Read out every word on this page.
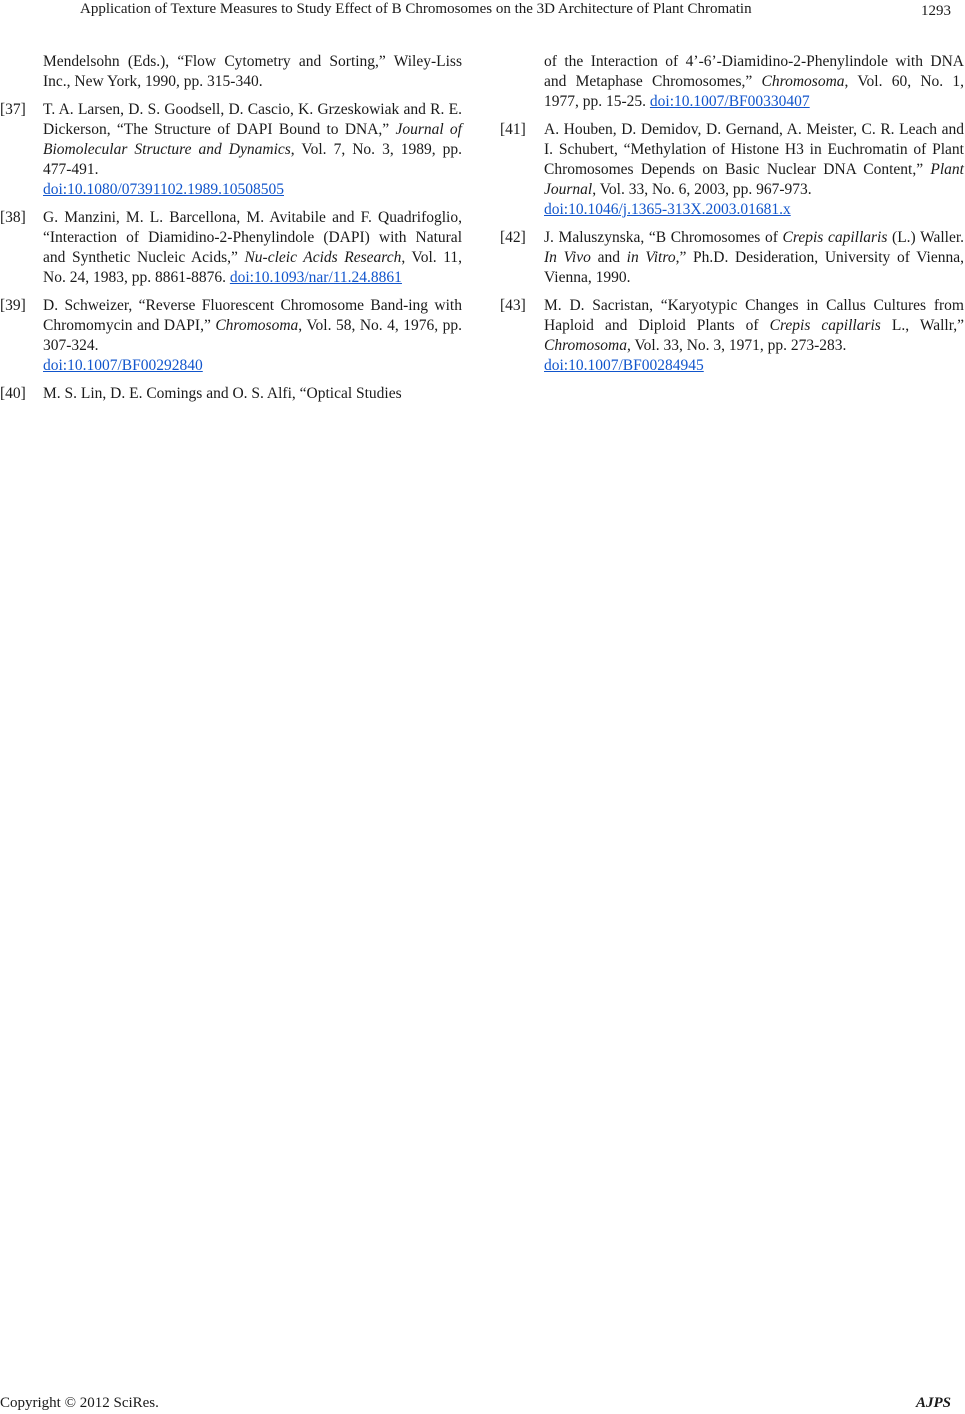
Application of Texture Measures to Study Effect of B Chromosomes on the 3D Architecture of Plant Chromatin	1293
Mendelsohn (Eds.), “Flow Cytometry and Sorting,” Wiley-Liss Inc., New York, 1990, pp. 315-340.
[37] T. A. Larsen, D. S. Goodsell, D. Cascio, K. Grzeskowiak and R. E. Dickerson, “The Structure of DAPI Bound to DNA,” Journal of Biomolecular Structure and Dynamics, Vol. 7, No. 3, 1989, pp. 477-491.
doi:10.1080/07391102.1989.10508505
[38] G. Manzini, M. L. Barcellona, M. Avitabile and F. Quadrifoglio, “Interaction of Diamidino-2-Phenylindole (DAPI) with Natural and Synthetic Nucleic Acids,” Nu-cleic Acids Research, Vol. 11, No. 24, 1983, pp. 8861-8876. doi:10.1093/nar/11.24.8861
[39] D. Schweizer, “Reverse Fluorescent Chromosome Band-ing with Chromomycin and DAPI,” Chromosoma, Vol. 58, No. 4, 1976, pp. 307-324.
doi:10.1007/BF00292840
[40] M. S. Lin, D. E. Comings and O. S. Alfi, “Optical Studies
of the Interaction of 4’-6’-Diamidino-2-Phenylindole with DNA and Metaphase Chromosomes,” Chromosoma, Vol. 60, No. 1, 1977, pp. 15-25. doi:10.1007/BF00330407
[41] A. Houben, D. Demidov, D. Gernand, A. Meister, C. R. Leach and I. Schubert, “Methylation of Histone H3 in Euchromatin of Plant Chromosomes Depends on Basic Nuclear DNA Content,” Plant Journal, Vol. 33, No. 6, 2003, pp. 967-973.
doi:10.1046/j.1365-313X.2003.01681.x
[42] J. Maluszynska, “B Chromosomes of Crepis capillaris (L.) Waller. In Vivo and in Vitro,” Ph.D. Desideration, University of Vienna, Vienna, 1990.
[43] M. D. Sacristan, “Karyotypic Changes in Callus Cultures from Haploid and Diploid Plants of Crepis capillaris L., Wallr,” Chromosoma, Vol. 33, No. 3, 1971, pp. 273-283.
doi:10.1007/BF00284945
Copyright © 2012 SciRes.	AJPS
